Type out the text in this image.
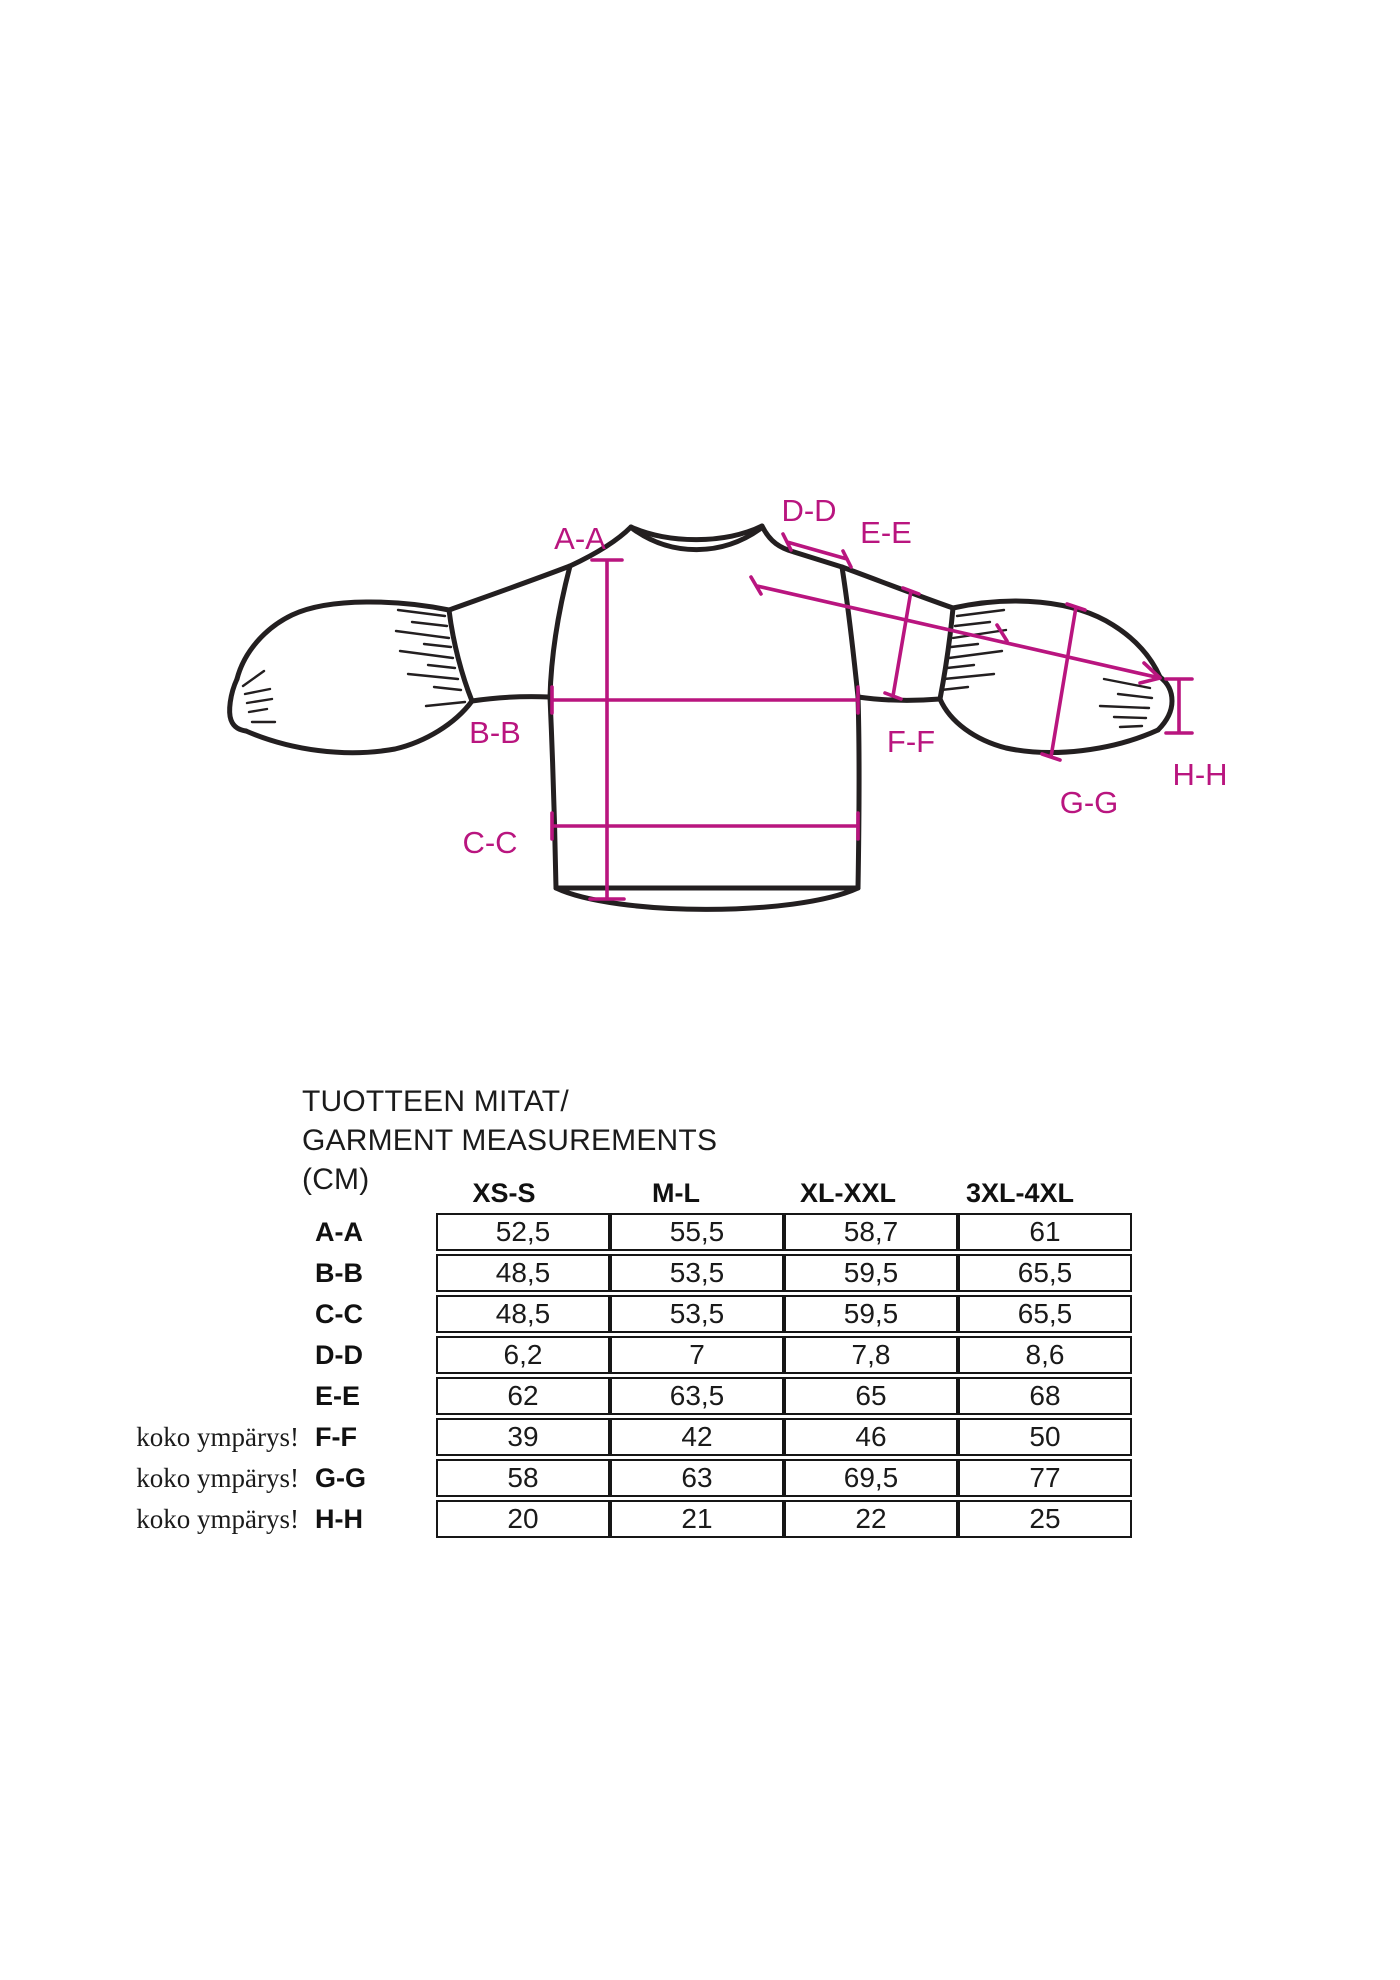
A-A
B-B
C-C
D-D
E-E
F-F
G-G
H-H
TUOTTEEN MITAT/
GARMENT MEASUREMENTS
(CM)	XS-S	M-L	XL-XXL	3XL-4XL
	A-A	52,5	55,5	58,7	61
	B-B	48,5	53,5	59,5	65,5
	C-C	48,5	53,5	59,5	65,5
	D-D	6,2	7	7,8	8,6
	E-E	62	63,5	65	68
koko ympärys!	F-F	39	42	46	50
koko ympärys!	G-G	58	63	69,5	77
koko ympärys!	H-H	20	21	22	25
